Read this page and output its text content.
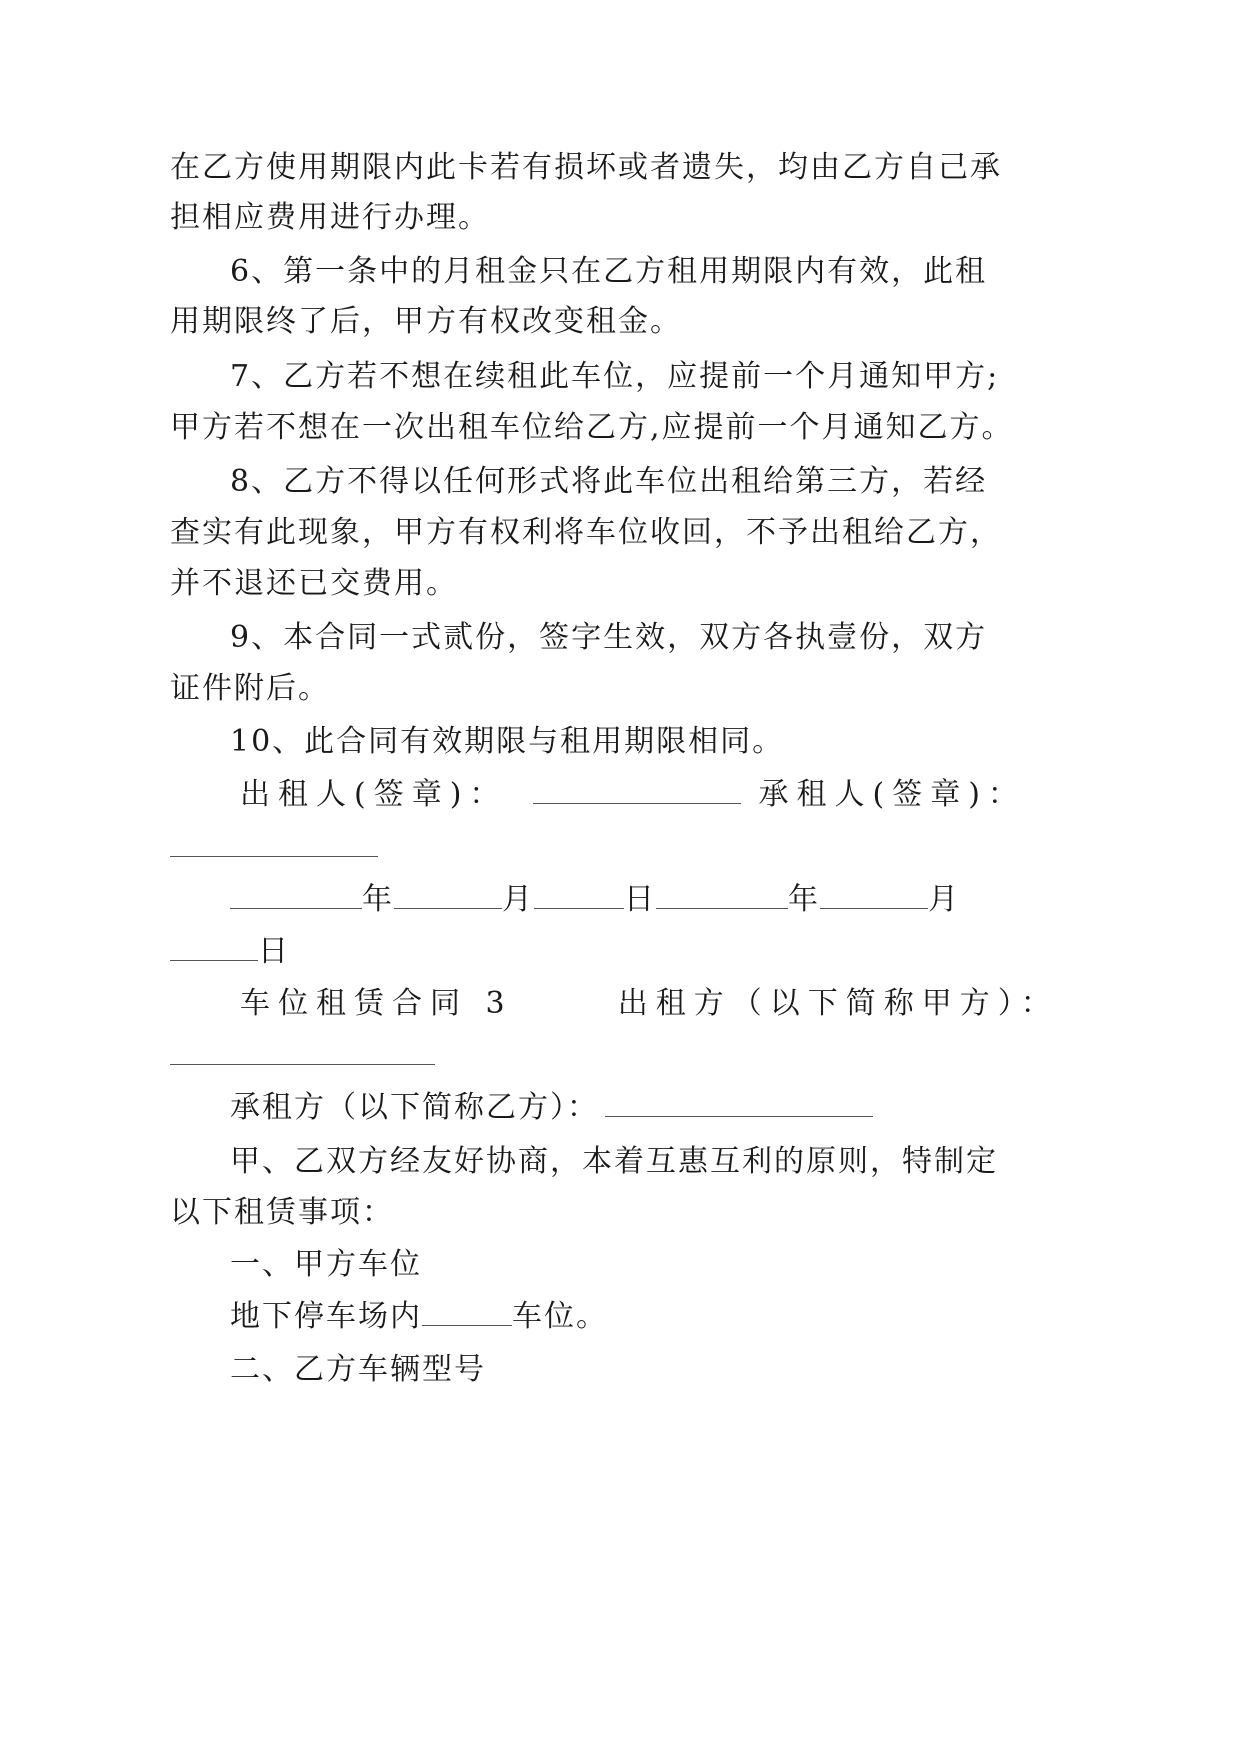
在乙方使用期限内此卡若有损坏或者遗失，均由乙方自己承
担相应费用进行办理。
6、第一条中的月租金只在乙方租用期限内有效，此租
用期限终了后，甲方有权改变租金。
7、乙方若不想在续租此车位，应提前一个月通知甲方;
甲方若不想在一次出租车位给乙方,应提前一个月通知乙方。
8、乙方不得以任何形式将此车位出租给第三方，若经
查实有此现象，甲方有权利将车位收回，不予出租给乙方，
并不退还已交费用。
9、本合同一式贰份，签字生效，双方各执壹份，双方
证件附后。
10、此合同有效期限与租用期限相同。
出租人(签章)：	承租人(签章)：
年	月	日	年	月
日
车位租赁合同 3	出租方（以下简称甲方）：
承租方（以下简称乙方）：
甲、乙双方经友好协商，本着互惠互利的原则，特制定
以下租赁事项：
一、甲方车位
地下停车场内	车位。
二、乙方车辆型号
